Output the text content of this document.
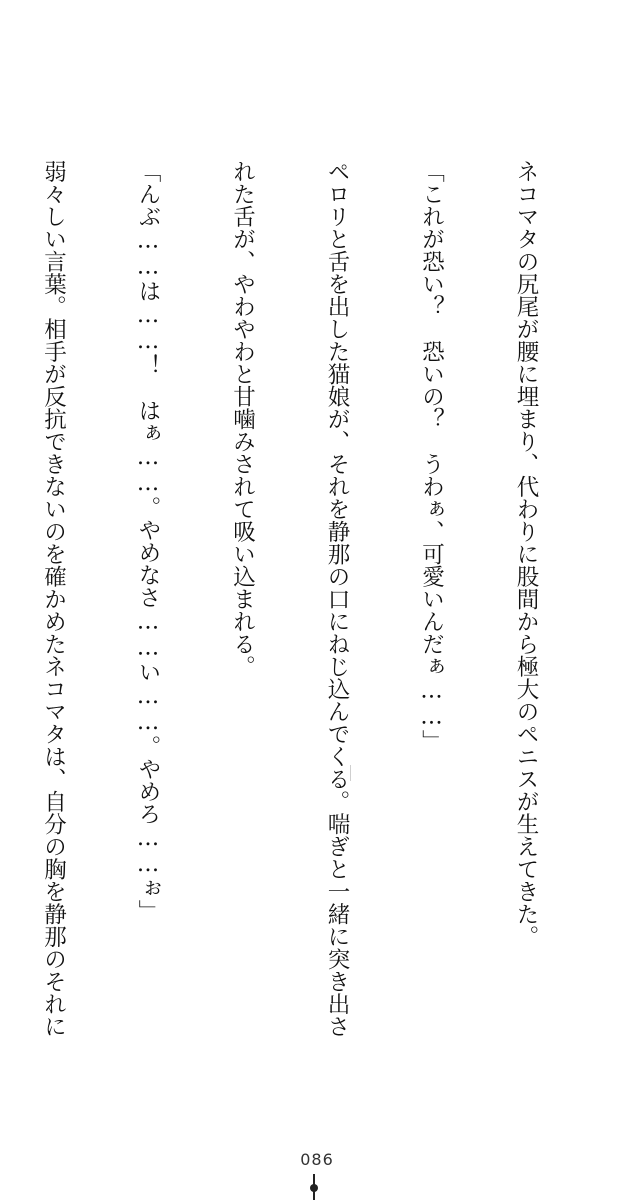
ネコマタの尻尾が腰に埋まり、代わりに股間から極大のペニスが生えてきた。

「これが恐い？　恐いの？　うわぁ、可愛いんだぁ……」

ペロリと舌を出した猫娘が、それを静那の口にねじ込んでくる。喘ぎと一緒に突き出さ

れた舌が、やわやわと甘噛みされて吸い込まれる。

「んぶ……は……！　はぁ……。やめなさ……い……。やめろ……ぉ」

弱々しい言葉。相手が反抗できないのを確かめたネコマタは、自分の胸を静那のそれに

086
